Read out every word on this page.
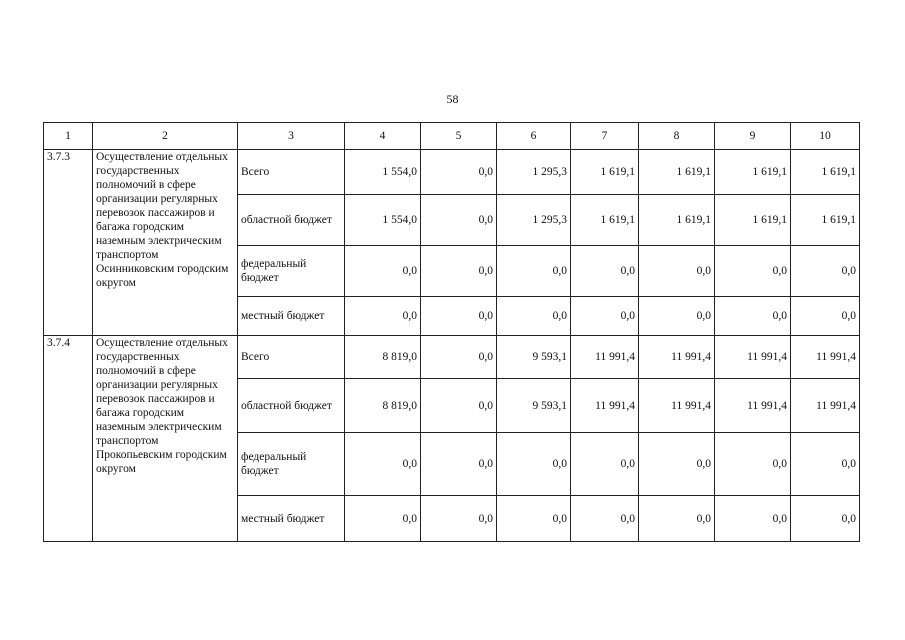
58
1	2	3	4	5	6	7	8	9	10
3.7.3	Осуществление отдельных государственных полномочий в сфере организации регулярных перевозок пассажиров и багажа городским наземным электрическим транспортом Осинниковским городским округом	Всего	1 554,0	0,0	1 295,3	1 619,1	1 619,1	1 619,1	1 619,1
		областной бюджет	1 554,0	0,0	1 295,3	1 619,1	1 619,1	1 619,1	1 619,1
		федеральный бюджет	0,0	0,0	0,0	0,0	0,0	0,0	0,0
		местный бюджет	0,0	0,0	0,0	0,0	0,0	0,0	0,0
3.7.4	Осуществление отдельных государственных полномочий в сфере организации регулярных перевозок пассажиров и багажа городским наземным электрическим транспортом Прокопьевским городским округом	Всего	8 819,0	0,0	9 593,1	11 991,4	11 991,4	11 991,4	11 991,4
		областной бюджет	8 819,0	0,0	9 593,1	11 991,4	11 991,4	11 991,4	11 991,4
		федеральный бюджет	0,0	0,0	0,0	0,0	0,0	0,0	0,0
		местный бюджет	0,0	0,0	0,0	0,0	0,0	0,0	0,0
